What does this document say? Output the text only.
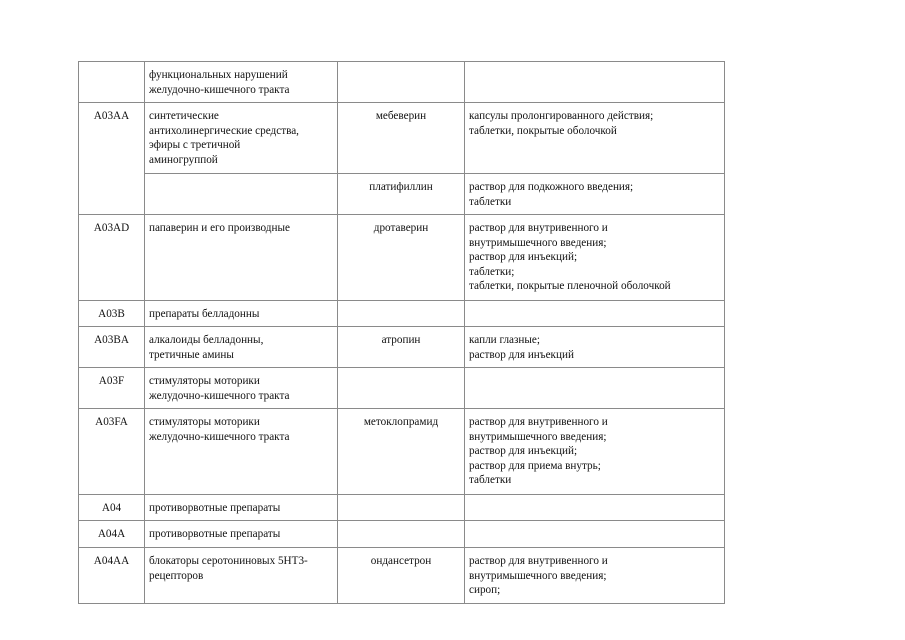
	функциональных нарушений
желудочно-кишечного тракта		
A03AA	синтетические
антихолинергические средства,
эфиры с третичной
аминогруппой	мебеверин	капсулы пролонгированного действия;
таблетки, покрытые оболочкой
		платифиллин	раствор для подкожного введения;
таблетки
A03AD	папаверин и его производные	дротаверин	раствор для внутривенного и
внутримышечного введения;
раствор для инъекций;
таблетки;
таблетки, покрытые пленочной оболочкой
A03B	препараты белладонны		
A03BA	алкалоиды белладонны,
третичные амины	атропин	капли глазные;
раствор для инъекций
A03F	стимуляторы моторики
желудочно-кишечного тракта		
A03FA	стимуляторы моторики
желудочно-кишечного тракта	метоклопрамид	раствор для внутривенного и
внутримышечного введения;
раствор для инъекций;
раствор для приема внутрь;
таблетки
A04	противорвотные препараты		
A04A	противорвотные препараты		
A04AA	блокаторы серотониновых 5HT3-
рецепторов	ондансетрон	раствор для внутривенного и
внутримышечного введения;
сироп;
